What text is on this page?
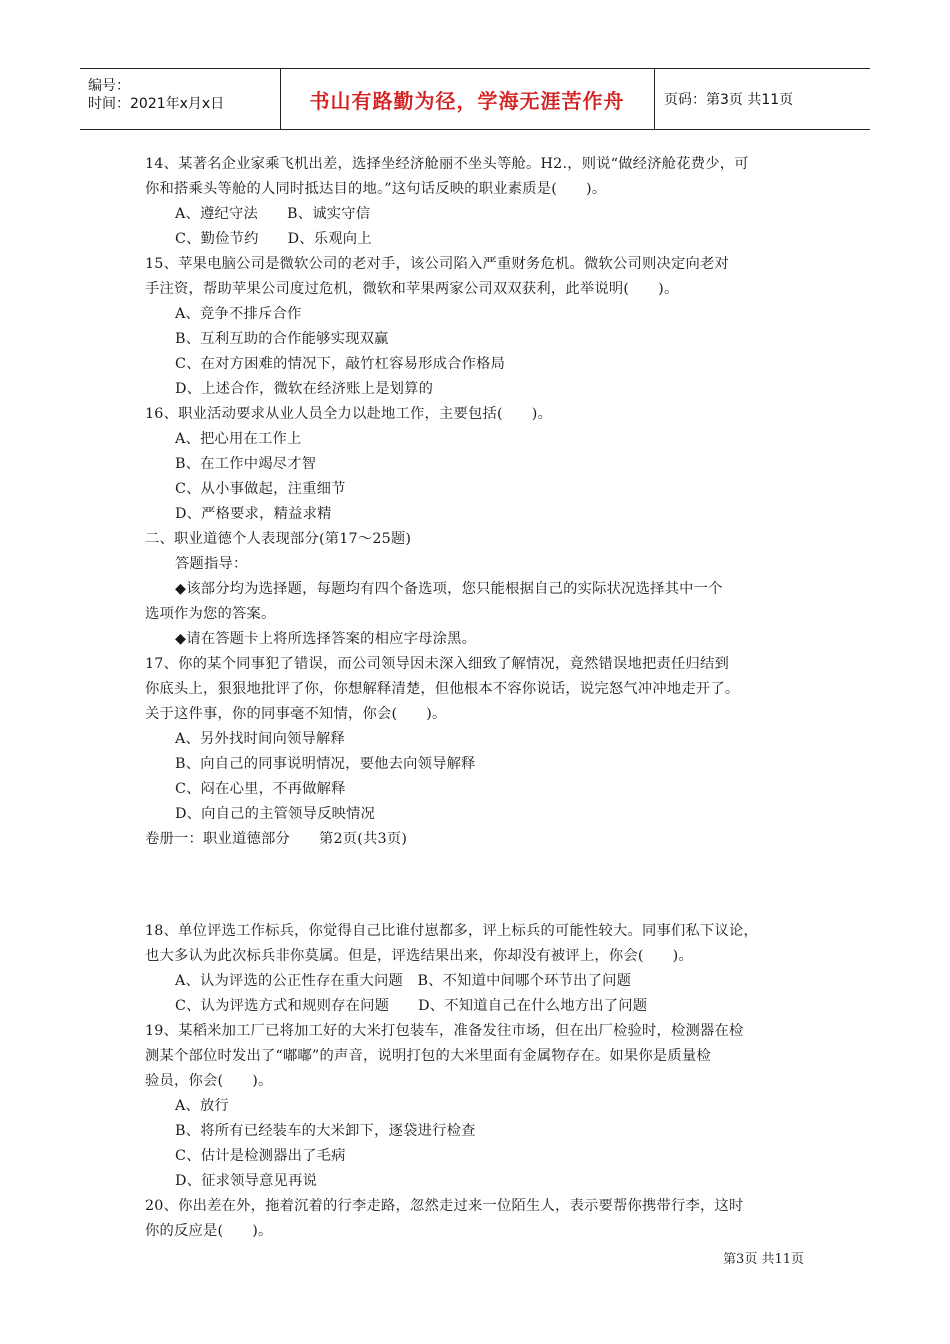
编号：
时间：2021年x月x日	书山有路勤为径，学海无涯苦作舟	页码：第3页 共11页
14、某著名企业家乘飞机出差，选择坐经济舱丽不坐头等舱。H2.，则说“做经济舱花费少，可
你和搭乘头等舱的人同时抵达目的地。”这句话反映的职业素质是(　　)。
A、遵纪守法　　B、诚实守信
C、勤俭节约　　D、乐观向上
15、苹果电脑公司是微软公司的老对手，该公司陷入严重财务危机。微软公司则决定向老对
手注资，帮助苹果公司度过危机，微软和苹果两家公司双双获利，此举说明(　　)。
A、竞争不排斥合作
B、互利互助的合作能够实现双赢
C、在对方困难的情况下，敲竹杠容易形成合作格局
D、上述合作，微软在经济账上是划算的
16、职业活动要求从业人员全力以赴地工作，主要包括(　　)。
A、把心用在工作上
B、在工作中竭尽才智
C、从小事做起，注重细节
D、严格要求，精益求精
二、职业道德个人表现部分(第17～25题)
答题指导：
◆该部分均为选择题，每题均有四个备选项，您只能根据自己的实际状况选择其中一个
选项作为您的答案。
◆请在答题卡上将所选择答案的相应字母涂黑。
17、你的某个同事犯了错误，而公司领导因未深入细致了解情况，竟然错误地把责任归结到
你底头上，狠狠地批评了你，你想解释清楚，但他根本不容你说话，说完怒气冲冲地走开了。
关于这件事，你的同事毫不知情，你会(　　)。
A、另外找时间向领导解释
B、向自己的同事说明情况，要他去向领导解释
C、闷在心里，不再做解释
D、向自己的主管领导反映情况
卷册一：职业道德部分　　第2页(共3页)
18、单位评选工作标兵，你觉得自己比谁付崽都多，评上标兵的可能性较大。同事们私下议论，
也大多认为此次标兵非你莫属。但是，评选结果出来，你却没有被评上，你会(　　)。
A、认为评选的公正性存在重大问题　B、不知道中间哪个环节出了问题
C、认为评选方式和规则存在问题　　D、不知道自己在什么地方出了问题
19、某稻米加工厂已将加工好的大米打包装车，准备发往市场，但在出厂检验时，检测器在检
测某个部位时发出了“嘟嘟”的声音，说明打包的大米里面有金属物存在。如果你是质量检
验员，你会(　　)。
A、放行
B、将所有已经装车的大米卸下，逐袋进行检查
C、估计是检测器出了毛病
D、征求领导意见再说
20、你出差在外，拖着沉着的行李走路，忽然走过来一位陌生人，表示要帮你携带行李，这时
你的反应是(　　)。
第3页 共11页
